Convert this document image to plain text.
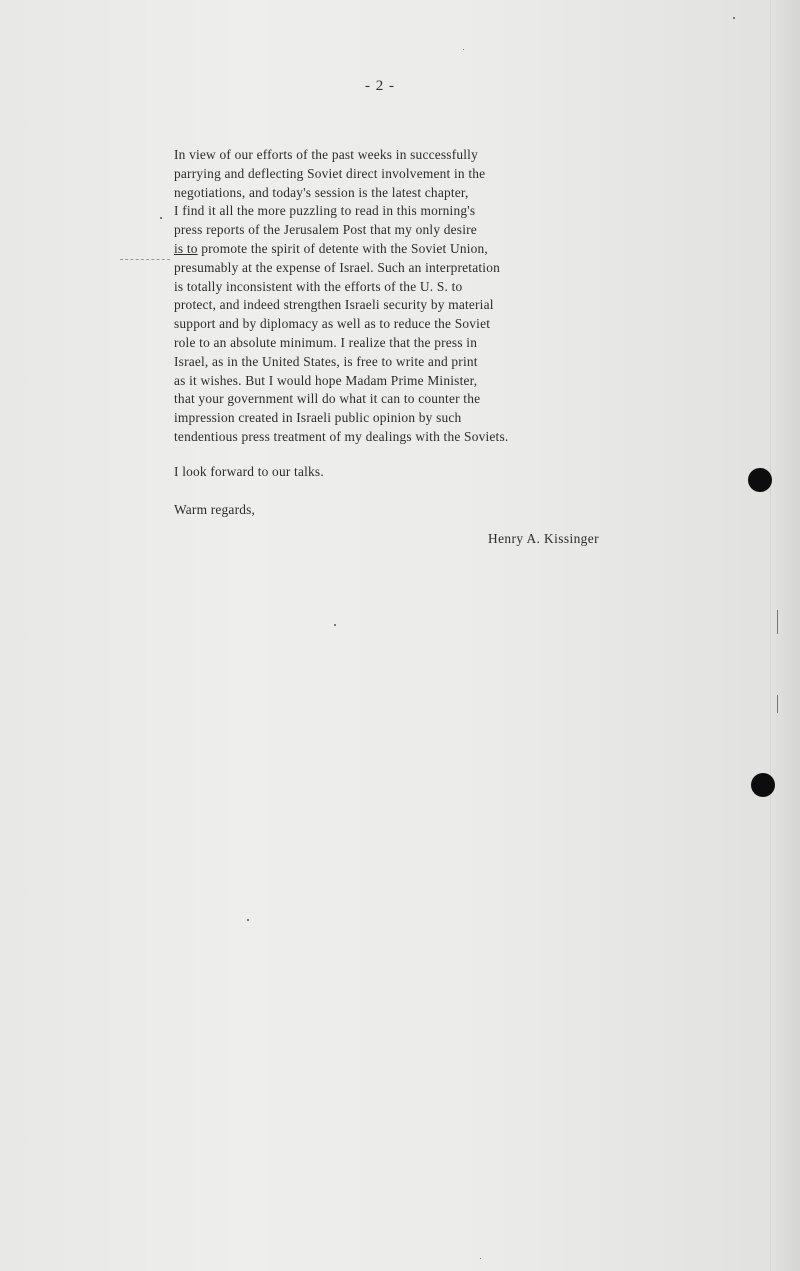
- 2 -
In view of our efforts of the past weeks in successfully
parrying and deflecting Soviet direct involvement in the
negotiations, and today's session is the latest chapter,
I find it all the more puzzling to read in this morning's
press reports of the Jerusalem Post that my only desire
is to promote the spirit of detente with the Soviet Union,
presumably at the expense of Israel. Such an interpretation
is totally inconsistent with the efforts of the U. S. to
protect, and indeed strengthen Israeli security by material
support and by diplomacy as well as to reduce the Soviet
role to an absolute minimum. I realize that the press in
Israel, as in the United States, is free to write and print
as it wishes. But I would hope Madam Prime Minister,
that your government will do what it can to counter the
impression created in Israeli public opinion by such
tendentious press treatment of my dealings with the Soviets.
I look forward to our talks.
Warm regards,
Henry A. Kissinger
